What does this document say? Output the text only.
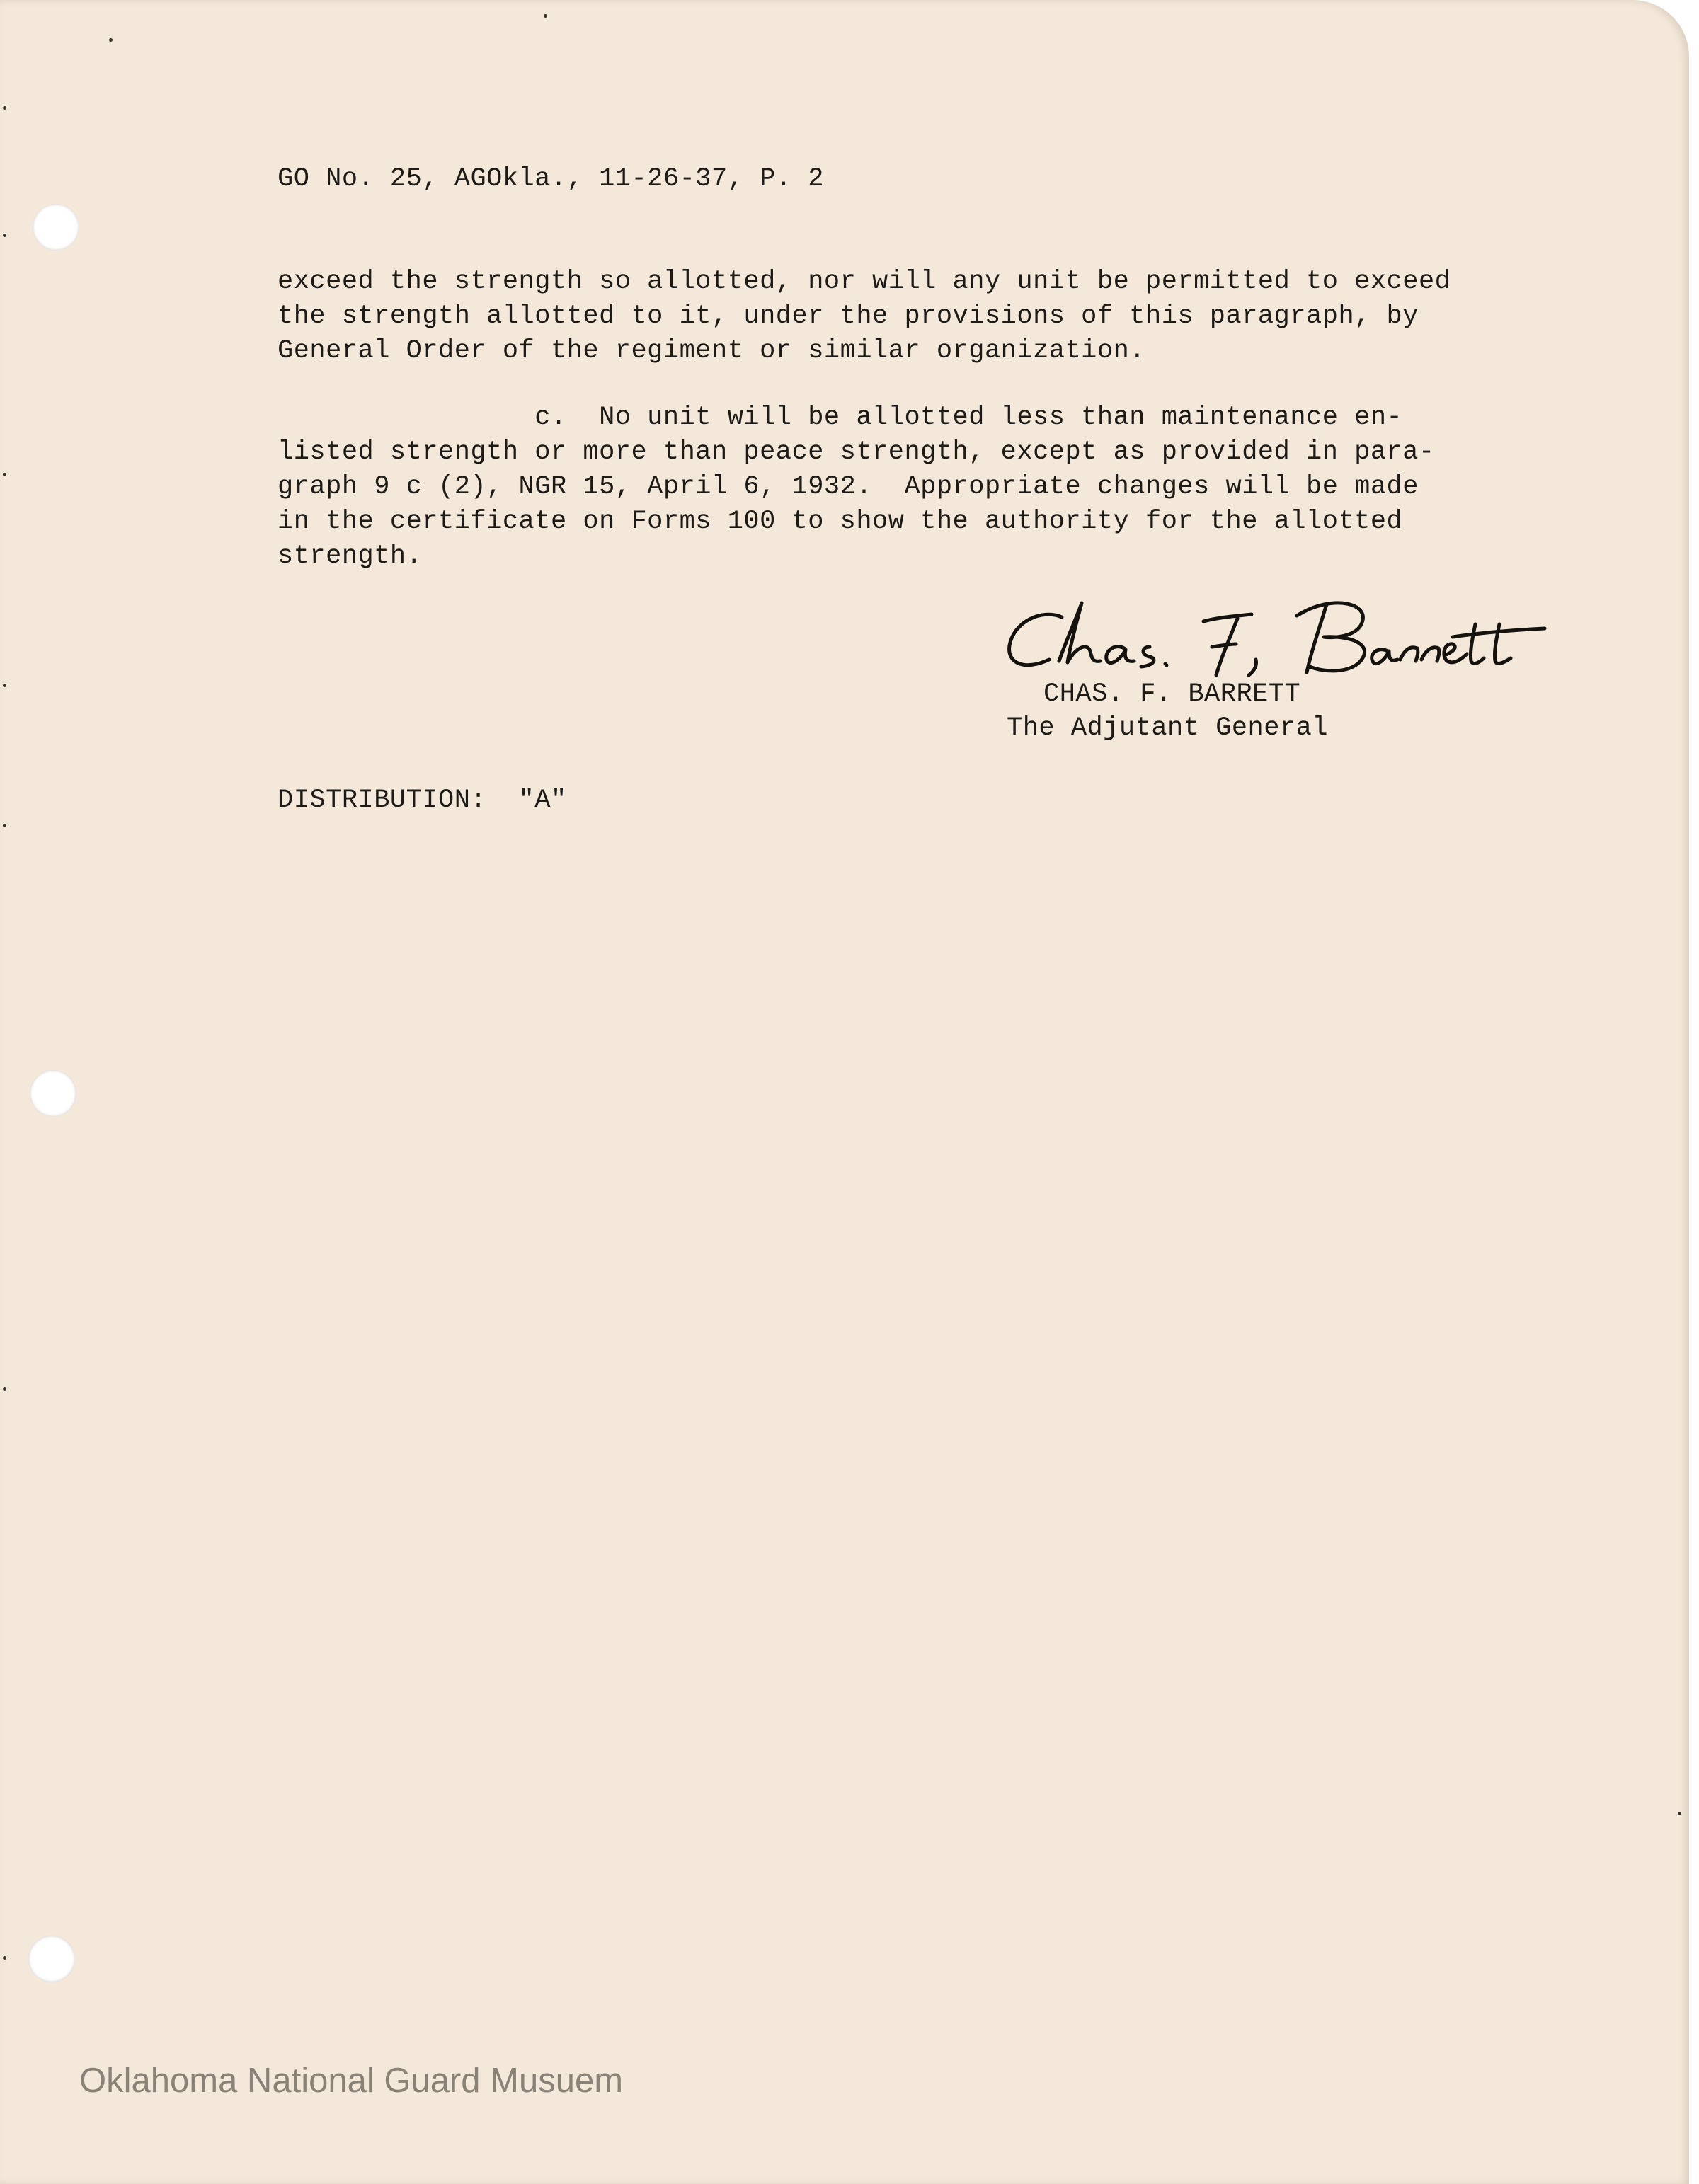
GO No. 25, AGOkla., 11-26-37, P. 2
exceed the strength so allotted, nor will any unit be permitted to exceed
the strength allotted to it, under the provisions of this paragraph, by
General Order of the regiment or similar organization.
c.  No unit will be allotted less than maintenance en-
listed strength or more than peace strength, except as provided in para-
graph 9 c (2), NGR 15, April 6, 1932.  Appropriate changes will be made
in the certificate on Forms 100 to show the authority for the allotted
strength.
CHAS. F. BARRETT
The Adjutant General
DISTRIBUTION:  "A"
Oklahoma National Guard Musuem
